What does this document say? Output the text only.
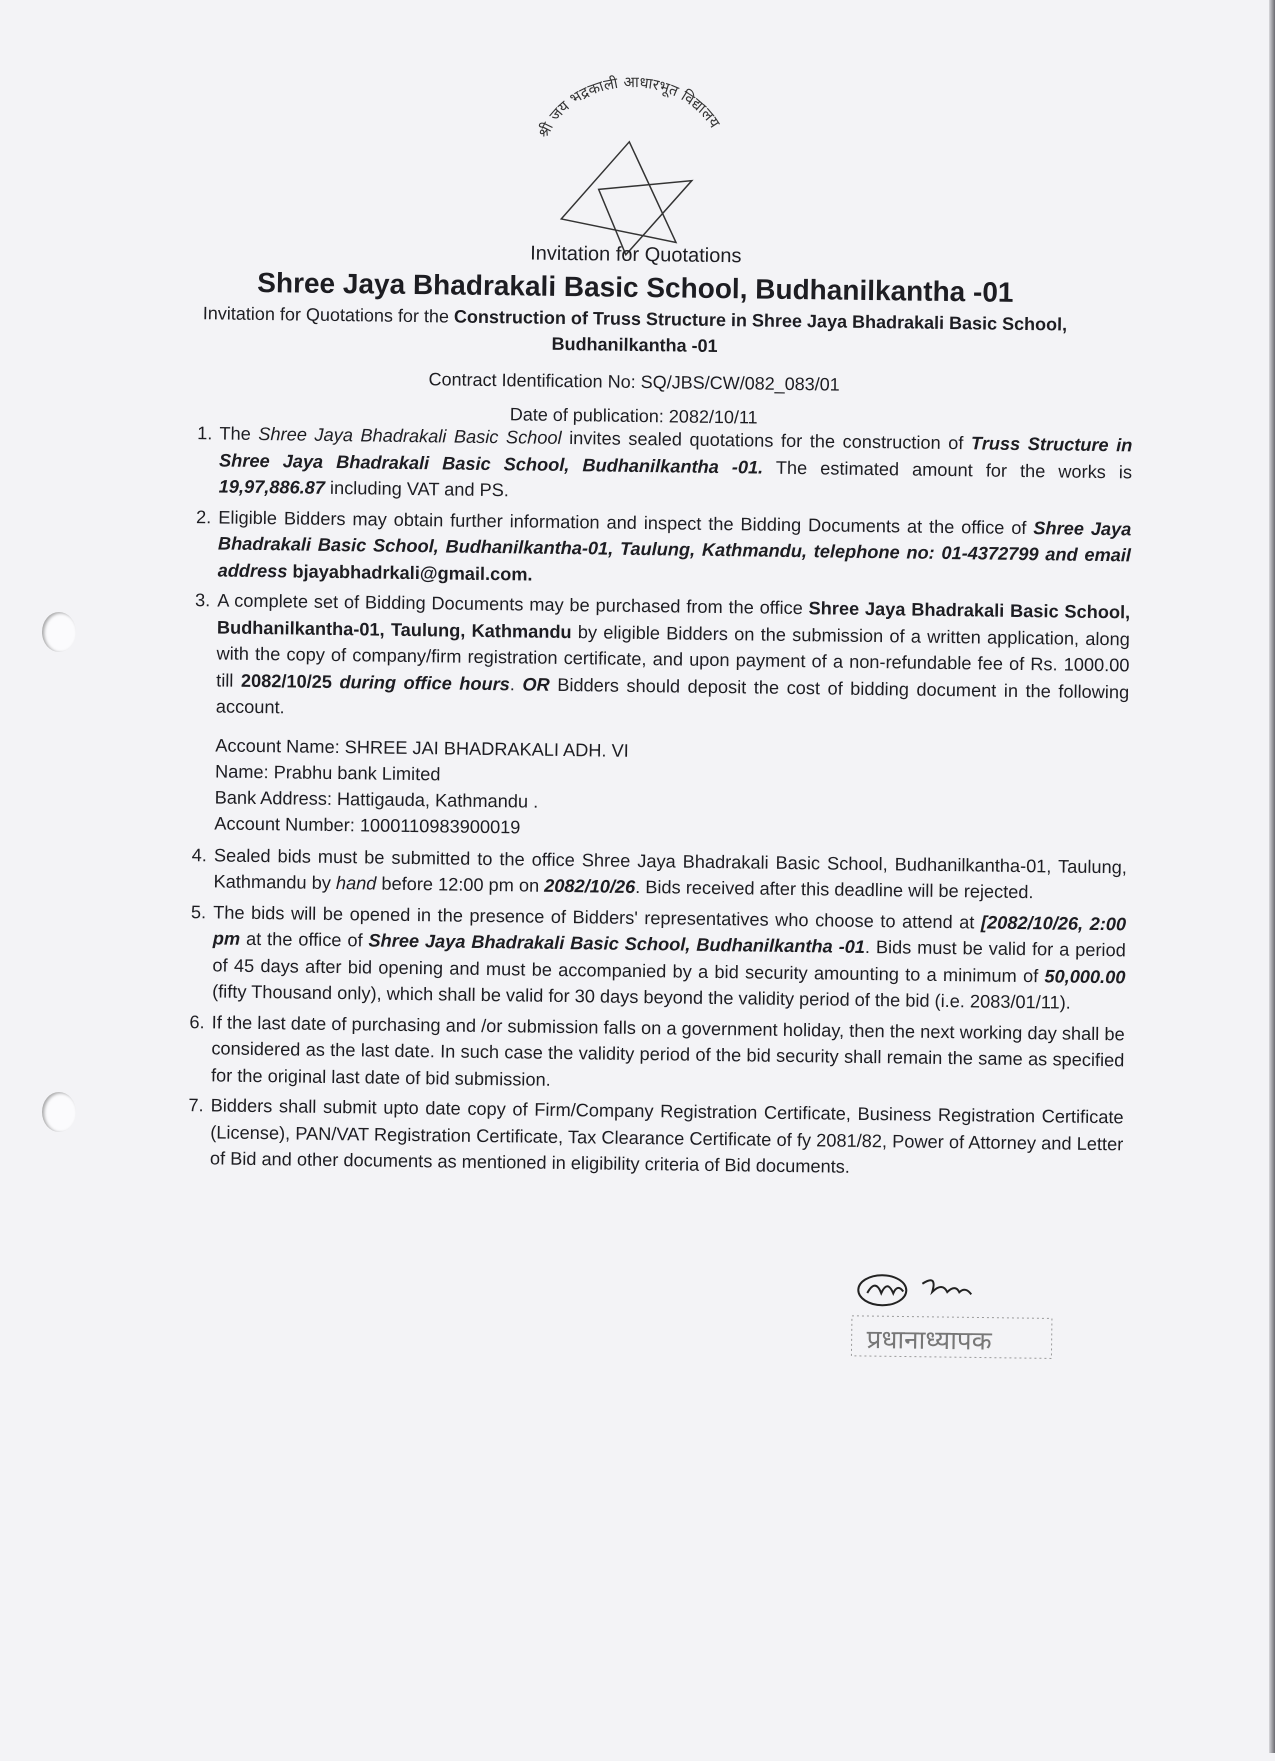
श्री जय भद्रकाली आधारभूत विद्यालय
Invitation for Quotations
Shree Jaya Bhadrakali Basic School, Budhanilkantha -01
Invitation for Quotations for the Construction of Truss Structure in Shree Jaya Bhadrakali Basic School, Budhanilkantha -01
Contract Identification No: SQ/JBS/CW/082_083/01
Date of publication: 2082/10/11
1. The Shree Jaya Bhadrakali Basic School invites sealed quotations for the construction of Truss Structure in Shree Jaya Bhadrakali Basic School, Budhanilkantha -01. The estimated amount for the works is 19,97,886.87 including VAT and PS.
2. Eligible Bidders may obtain further information and inspect the Bidding Documents at the office of Shree Jaya Bhadrakali Basic School, Budhanilkantha-01, Taulung, Kathmandu, telephone no: 01-4372799 and email address bjayabhadrkali@gmail.com.
3. A complete set of Bidding Documents may be purchased from the office Shree Jaya Bhadrakali Basic School, Budhanilkantha-01, Taulung, Kathmandu by eligible Bidders on the submission of a written application, along with the copy of company/firm registration certificate, and upon payment of a non-refundable fee of Rs. 1000.00 till 2082/10/25 during office hours. OR Bidders should deposit the cost of bidding document in the following account.
Account Name: SHREE JAI BHADRAKALI ADH. VI
Name: Prabhu bank Limited
Bank Address: Hattigauda, Kathmandu .
Account Number: 1000110983900019
4. Sealed bids must be submitted to the office Shree Jaya Bhadrakali Basic School, Budhanilkantha-01, Taulung, Kathmandu by hand before 12:00 pm on 2082/10/26. Bids received after this deadline will be rejected.
5. The bids will be opened in the presence of Bidders' representatives who choose to attend at [2082/10/26, 2:00 pm at the office of Shree Jaya Bhadrakali Basic School, Budhanilkantha -01. Bids must be valid for a period of 45 days after bid opening and must be accompanied by a bid security amounting to a minimum of 50,000.00 (fifty Thousand only), which shall be valid for 30 days beyond the validity period of the bid (i.e. 2083/01/11).
6. If the last date of purchasing and /or submission falls on a government holiday, then the next working day shall be considered as the last date. In such case the validity period of the bid security shall remain the same as specified for the original last date of bid submission.
7. Bidders shall submit upto date copy of Firm/Company Registration Certificate, Business Registration Certificate (License), PAN/VAT Registration Certificate, Tax Clearance Certificate of fy 2081/82, Power of Attorney and Letter of Bid and other documents as mentioned in eligibility criteria of Bid documents.
प्रधानाध्यापक
